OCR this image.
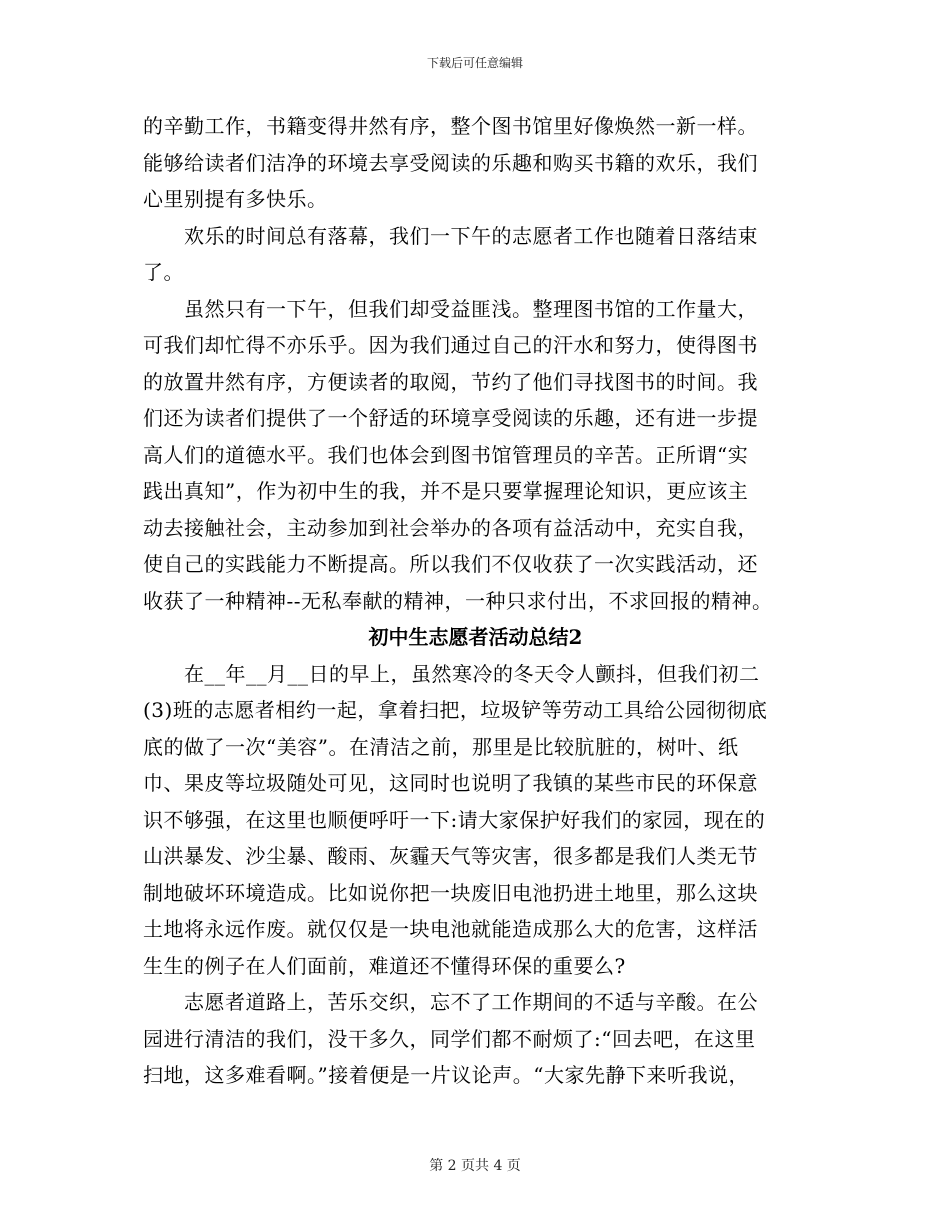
下载后可任意编辑
的辛勤工作，书籍变得井然有序，整个图书馆里好像焕然一新一样。
能够给读者们洁净的环境去享受阅读的乐趣和购买书籍的欢乐，我们
心里别提有多快乐。
　　欢乐的时间总有落幕，我们一下午的志愿者工作也随着日落结束
了。
　　虽然只有一下午，但我们却受益匪浅。整理图书馆的工作量大，
可我们却忙得不亦乐乎。因为我们通过自己的汗水和努力，使得图书
的放置井然有序，方便读者的取阅，节约了他们寻找图书的时间。我
们还为读者们提供了一个舒适的环境享受阅读的乐趣，还有进一步提
高人们的道德水平。我们也体会到图书馆管理员的辛苦。正所谓“实
践出真知”，作为初中生的我，并不是只要掌握理论知识，更应该主
动去接触社会，主动参加到社会举办的各项有益活动中，充实自我，
使自己的实践能力不断提高。所以我们不仅收获了一次实践活动，还
收获了一种精神--无私奉献的精神，一种只求付出，不求回报的精神。
初中生志愿者活动总结2
　　在__年__月__日的早上，虽然寒冷的冬天令人颤抖，但我们初二
(3)班的志愿者相约一起，拿着扫把，垃圾铲等劳动工具给公园彻彻底
底的做了一次“美容”。在清洁之前，那里是比较肮脏的，树叶、纸
巾、果皮等垃圾随处可见，这同时也说明了我镇的某些市民的环保意
识不够强，在这里也顺便呼吁一下:请大家保护好我们的家园，现在的
山洪暴发、沙尘暴、酸雨、灰霾天气等灾害，很多都是我们人类无节
制地破坏环境造成。比如说你把一块废旧电池扔进土地里，那么这块
土地将永远作废。就仅仅是一块电池就能造成那么大的危害，这样活
生生的例子在人们面前，难道还不懂得环保的重要么?
　　志愿者道路上，苦乐交织，忘不了工作期间的不适与辛酸。在公
园进行清洁的我们，没干多久，同学们都不耐烦了:“回去吧，在这里
扫地，这多难看啊。”接着便是一片议论声。“大家先静下来听我说，
第 2 页共 4 页
